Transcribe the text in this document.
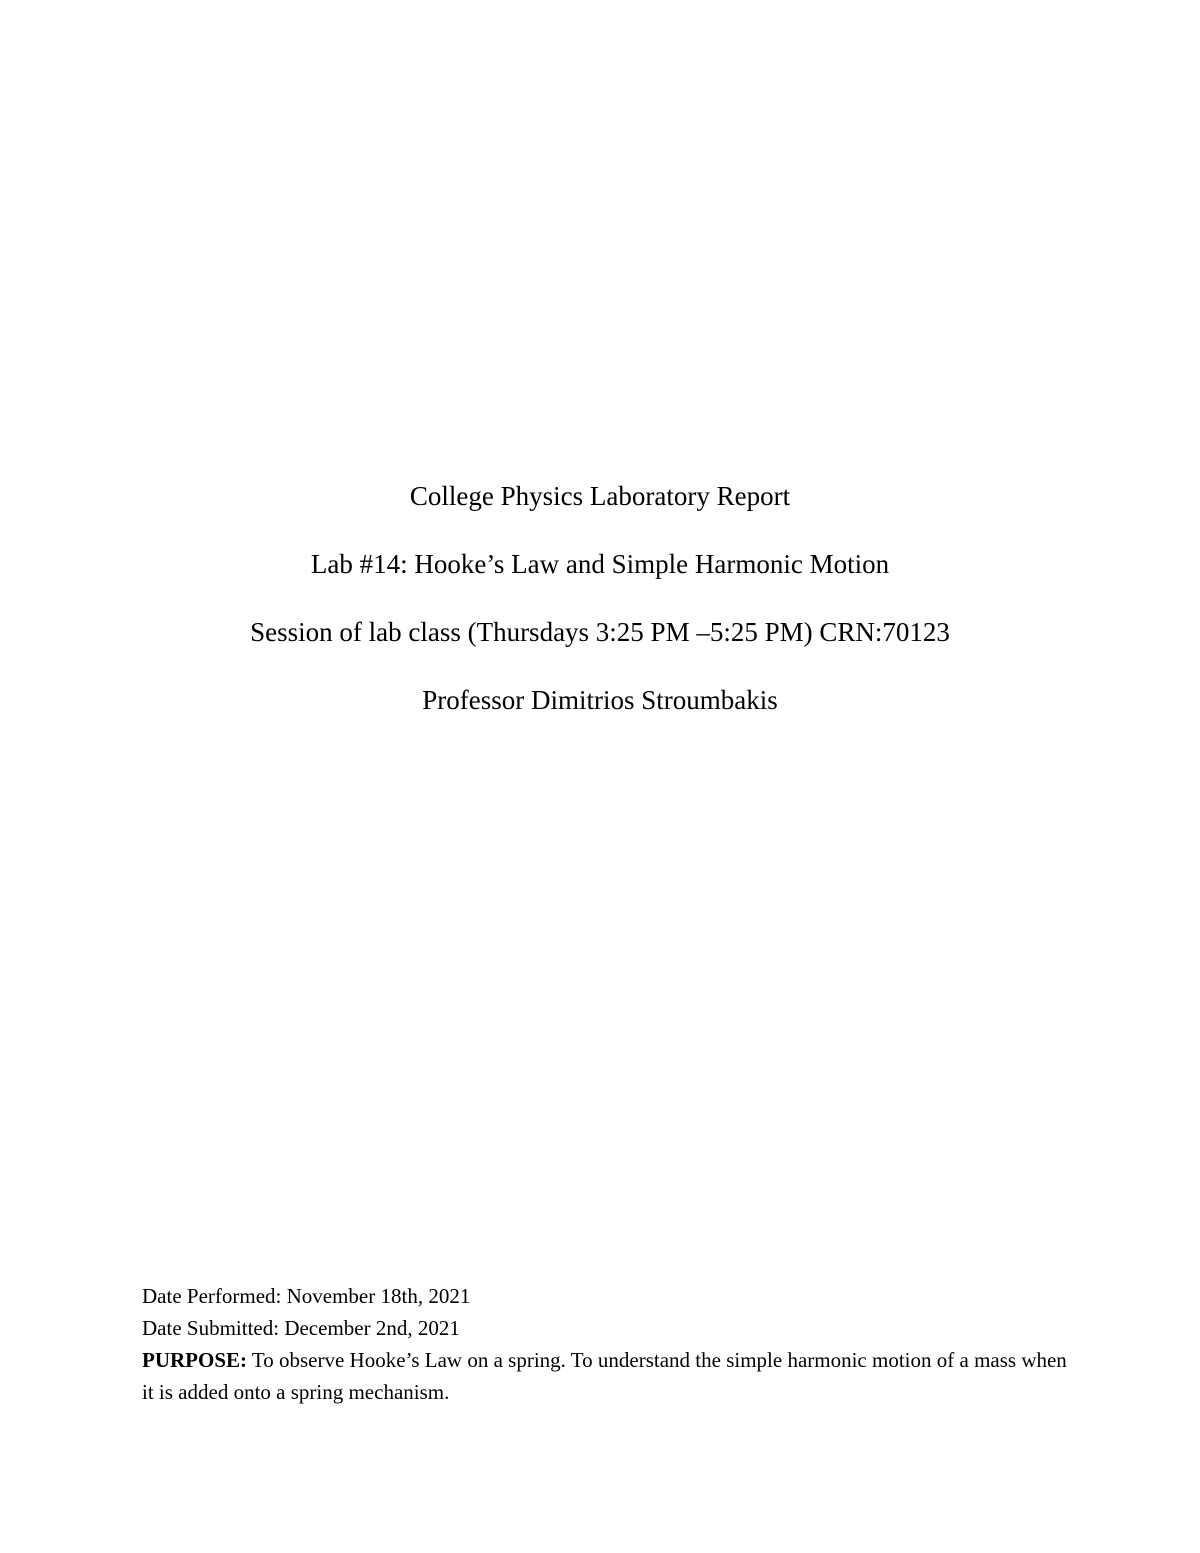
College Physics Laboratory Report

Lab #14: Hooke’s Law and Simple Harmonic Motion

Session of lab class (Thursdays 3:25 PM –5:25 PM) CRN:70123

Professor Dimitrios Stroumbakis

Date Performed: November 18th, 2021

Date Submitted: December 2nd, 2021

PURPOSE: To observe Hooke’s Law on a spring. To understand the simple harmonic motion of a mass when it is added onto a spring mechanism.
